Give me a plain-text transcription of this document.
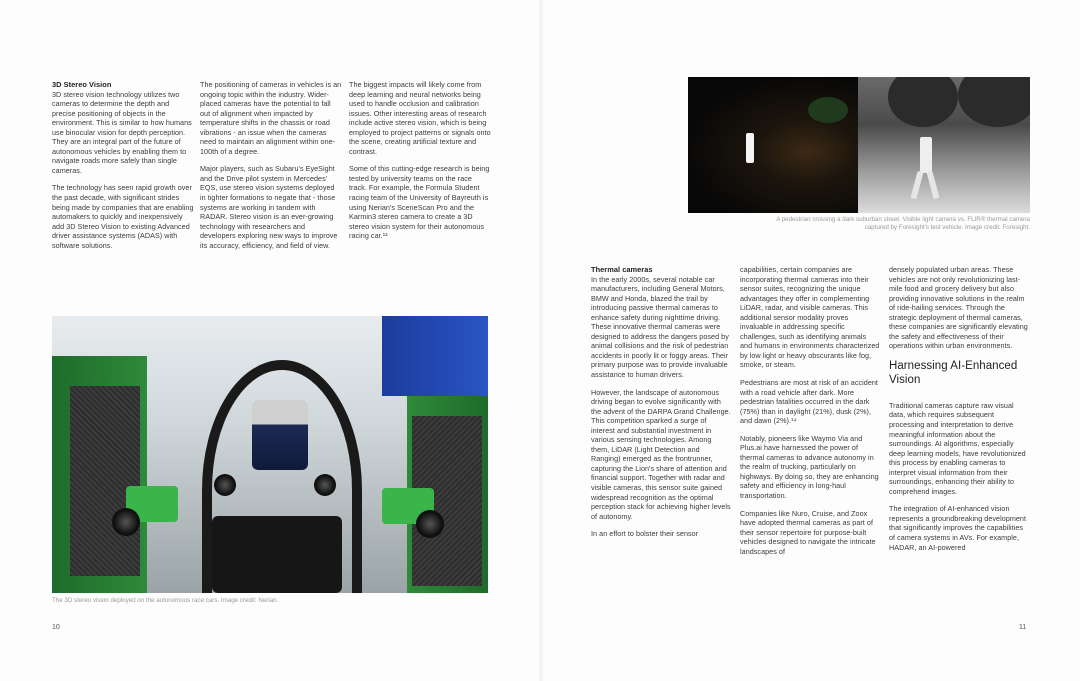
3D Stereo Vision

3D stereo vision technology utilizes two cameras to determine the depth and precise positioning of objects in the environment. This is similar to how humans use binocular vision for depth perception. They are an integral part of the future of autonomous vehicles by enabling them to navigate roads more safely than single cameras.

The technology has seen rapid growth over the past decade, with significant strides being made by companies that are enabling automakers to quickly and inexpensively add 3D Stereo Vision to existing Advanced driver assistance systems (ADAS) with software solutions.

The positioning of cameras in vehicles is an ongoing topic within the industry. Wider-placed cameras have the potential to fall out of alignment when impacted by temperature shifts in the chassis or road vibrations - an issue when the cameras need to maintain an alignment within one-100th of a degree.

Major players, such as Subaru's EyeSight and the Drive pilot system in Mercedes' EQS, use stereo vision systems deployed in tighter formations to negate that - those systems are working in tandem with RADAR. Stereo vision is an ever-growing technology with researchers and developers exploring new ways to improve its accuracy, efficiency, and field of view.

The biggest impacts will likely come from deep learning and neural networks being used to handle occlusion and calibration issues. Other interesting areas of research include active stereo vision, which is being employed to project patterns or signals onto the scene, creating artificial texture and contrast.

Some of this cutting-edge research is being tested by university teams on the race track. For example, the Formula Student racing team of the University of Bayreuth is using Nerian's SceneScan Pro and the Karmin3 stereo camera to create a 3D stereo vision system for their autonomous racing car.¹³

The 3D stereo vision deployed on the autonomous race cars. Image credit: Nerian.
10
A pedestrian crossing a dark suburban street. Visible light camera vs. FLIR® thermal camera
captured by Foresight's test vehicle. Image credit: Foresight.
Thermal cameras

In the early 2000s, several notable car manufacturers, including General Motors, BMW and Honda, blazed the trail by introducing passive thermal cameras to enhance safety during nighttime driving. These innovative thermal cameras were designed to address the dangers posed by animal collisions and the risk of pedestrian accidents in poorly lit or foggy areas. Their primary purpose was to provide invaluable assistance to human drivers.

However, the landscape of autonomous driving began to evolve significantly with the advent of the DARPA Grand Challenge. This competition sparked a surge of interest and substantial investment in various sensing technologies. Among them, LiDAR (Light Detection and Ranging) emerged as the frontrunner, capturing the Lion's share of attention and financial support. Together with radar and visible cameras, this sensor suite gained widespread recognition as the optimal perception stack for achieving higher levels of autonomy.

In an effort to bolster their sensor

capabilities, certain companies are incorporating thermal cameras into their sensor suites, recognizing the unique advantages they offer in complementing LiDAR, radar, and visible cameras. This additional sensor modality proves invaluable in addressing specific challenges, such as identifying animals and humans in environments characterized by low light or heavy obscurants like fog, smoke, or steam.

Pedestrians are most at risk of an accident with a road vehicle after dark. More pedestrian fatalities occurred in the dark (75%) than in daylight (21%), dusk (2%), and dawn (2%).¹⁴

Notably, pioneers like Waymo Via and Plus.ai have harnessed the power of thermal cameras to advance autonomy in the realm of trucking, particularly on highways. By doing so, they are enhancing safety and efficiency in long-haul transportation.

Companies like Nuro, Cruise, and Zoox have adopted thermal cameras as part of their sensor repertoire for purpose-built vehicles designed to navigate the intricate landscapes of

densely populated urban areas. These vehicles are not only revolutionizing last-mile food and grocery delivery but also providing innovative solutions in the realm of ride-hailing services. Through the strategic deployment of thermal cameras, these companies are significantly elevating the safety and effectiveness of their operations within urban environments.

Harnessing AI-Enhanced Vision

Traditional cameras capture raw visual data, which requires subsequent processing and interpretation to derive meaningful information about the surroundings. AI algorithms, especially deep learning models, have revolutionized this process by enabling cameras to interpret visual information from their surroundings, enhancing their ability to comprehend images.

The integration of AI-enhanced vision represents a groundbreaking development that significantly improves the capabilities of camera systems in AVs. For example, HADAR, an AI-powered

11
